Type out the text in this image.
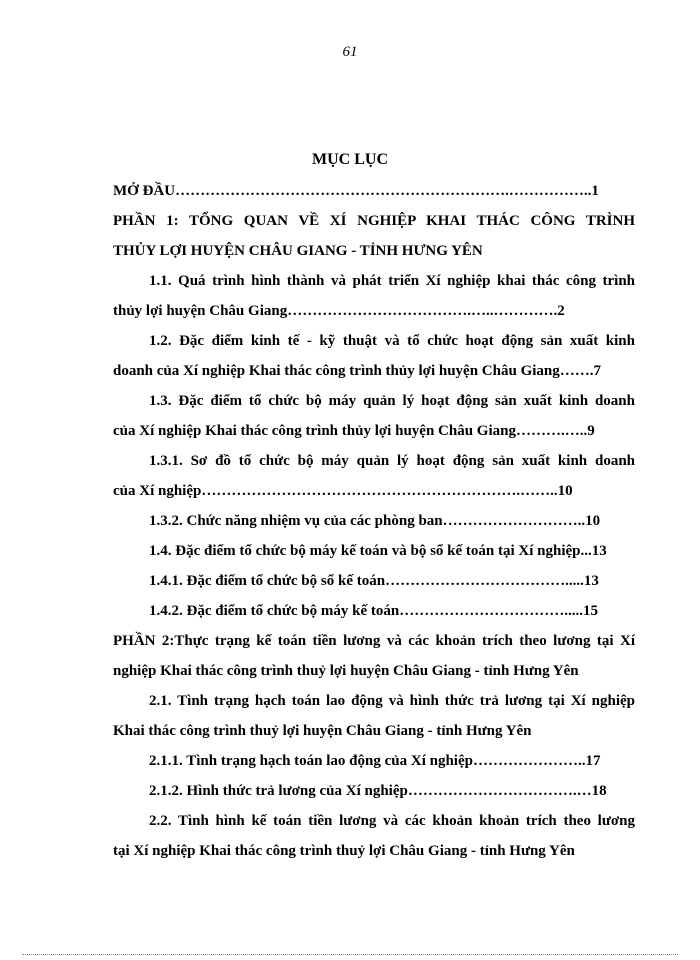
61
MỤC LỤC
MỞ ĐẦU………………………………………………………….……………..1
PHẦN 1: TỔNG QUAN VỀ XÍ NGHIỆP KHAI THÁC CÔNG TRÌNH
THỦY LỢI HUYỆN CHÂU GIANG - TỈNH HƯNG YÊN
1.1. Quá trình hình thành và phát triển Xí nghiệp khai thác công trình
thủy lợi huyện Châu Giang……………………………….…..………….2
1.2. Đặc điểm kinh tế - kỹ thuật và tổ chức hoạt động sản xuất kinh
doanh của Xí nghiệp Khai thác công trình thủy lợi huyện Châu Giang…….7
1.3. Đặc điểm tổ chức bộ máy quản lý hoạt động sản xuất kinh doanh
của Xí nghiệp Khai thác công trình thủy lợi huyện Châu Giang……….…..9
1.3.1. Sơ đồ tổ chức bộ máy quản lý hoạt động sản xuất kinh doanh
của Xí nghiệp……………………………………………………….……..10
1.3.2. Chức năng nhiệm vụ của các phòng ban………………………..10
1.4. Đặc điểm tổ chức bộ máy kế toán và bộ sổ kế toán tại Xí nghiệp...13
1.4.1. Đặc điểm tổ chức bộ sổ kế toán……………………………….....13
1.4.2. Đặc điểm tổ chức bộ máy kế toán…………………………….....15
PHẦN 2:Thực trạng kế toán tiền lương và các khoản trích theo lương tại Xí
nghiệp Khai thác công trình thuỷ lợi huyện Châu Giang - tỉnh Hưng Yên
2.1. Tình trạng hạch toán lao động và hình thức trả lương tại Xí nghiệp
Khai thác công trình thuỷ lợi huyện Châu Giang - tỉnh Hưng Yên
2.1.1. Tình trạng hạch toán lao động của Xí nghiệp…………………..17
2.1.2. Hình thức trả lương của Xí nghiệp…………………………….…18
2.2. Tình hình kế toán tiền lương và các khoản khoản trích theo lương
tại Xí nghiệp Khai thác công trình thuỷ lợi Châu Giang - tỉnh Hưng Yên
